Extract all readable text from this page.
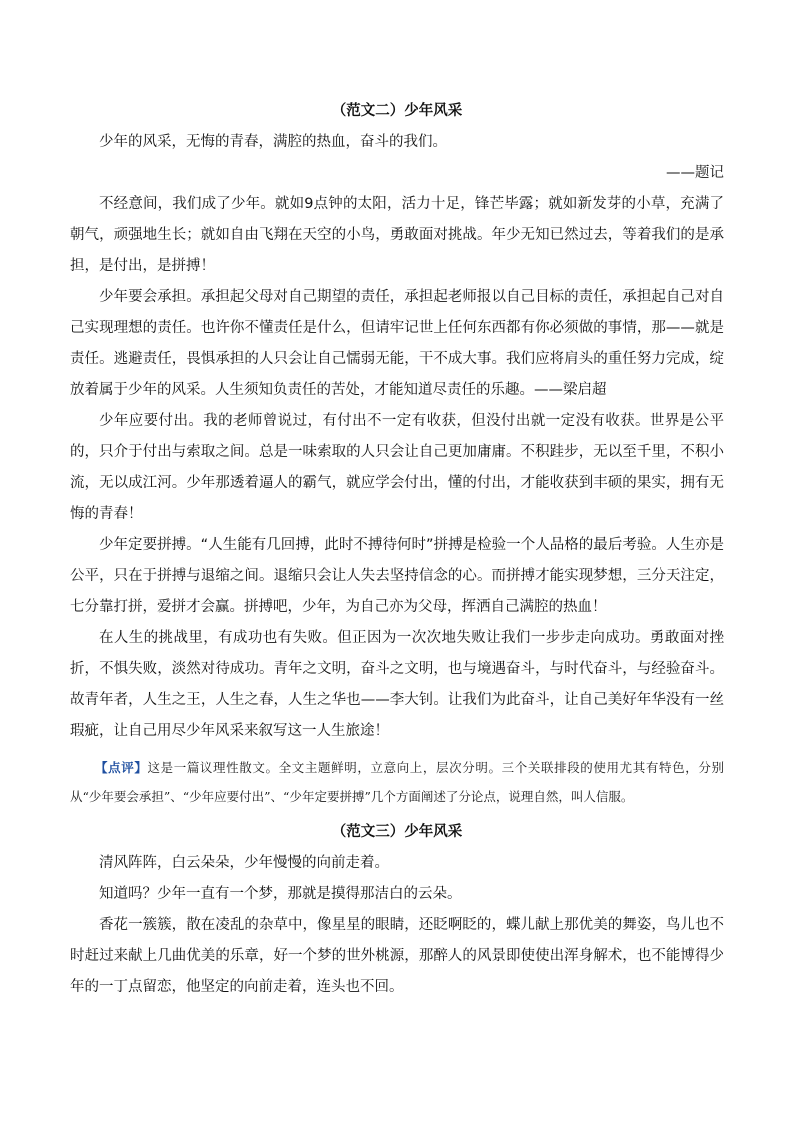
（范文二）少年风采

少年的风采，无悔的青春，满腔的热血，奋斗的我们。

——题记

不经意间，我们成了少年。就如9点钟的太阳，活力十足，锋芒毕露；就如新发芽的小草，充满了朝气，顽强地生长；就如自由飞翔在天空的小鸟，勇敢面对挑战。年少无知已然过去，等着我们的是承担，是付出，是拼搏！

少年要会承担。承担起父母对自己期望的责任，承担起老师报以自己目标的责任，承担起自己对自己实现理想的责任。也许你不懂责任是什么，但请牢记世上任何东西都有你必须做的事情，那——就是责任。逃避责任，畏惧承担的人只会让自己懦弱无能，干不成大事。我们应将肩头的重任努力完成，绽放着属于少年的风采。人生须知负责任的苦处，才能知道尽责任的乐趣。——梁启超

少年应要付出。我的老师曾说过，有付出不一定有收获，但没付出就一定没有收获。世界是公平的，只介于付出与索取之间。总是一味索取的人只会让自己更加庸庸。不积跬步，无以至千里，不积小流，无以成江河。少年那透着逼人的霸气，就应学会付出，懂的付出，才能收获到丰硕的果实，拥有无悔的青春！

少年定要拼搏。“人生能有几回搏，此时不搏待何时”拼搏是检验一个人品格的最后考验。人生亦是公平，只在于拼搏与退缩之间。退缩只会让人失去坚持信念的心。而拼搏才能实现梦想，三分天注定，七分靠打拼，爱拼才会赢。拼搏吧，少年，为自己亦为父母，挥洒自己满腔的热血！

在人生的挑战里，有成功也有失败。但正因为一次次地失败让我们一步步走向成功。勇敢面对挫折，不惧失败，淡然对待成功。青年之文明，奋斗之文明，也与境遇奋斗，与时代奋斗，与经验奋斗。故青年者，人生之王，人生之春，人生之华也——李大钊。让我们为此奋斗，让自己美好年华没有一丝瑕疵，让自己用尽少年风采来叙写这一人生旅途！

【点评】这是一篇议理性散文。全文主题鲜明，立意向上，层次分明。三个关联排段的使用尤其有特色，分别从“少年要会承担”、“少年应要付出”、“少年定要拼搏”几个方面阐述了分论点，说理自然，叫人信服。
（范文三）少年风采

清风阵阵，白云朵朵，少年慢慢的向前走着。

知道吗？少年一直有一个梦，那就是摸得那洁白的云朵。

香花一簇簇，散在凌乱的杂草中，像星星的眼睛，还眨啊眨的，蝶儿献上那优美的舞姿，鸟儿也不时赶过来献上几曲优美的乐章，好一个梦的世外桃源，那醉人的风景即使使出浑身解术，也不能博得少年的一丁点留恋，他坚定的向前走着，连头也不回。
